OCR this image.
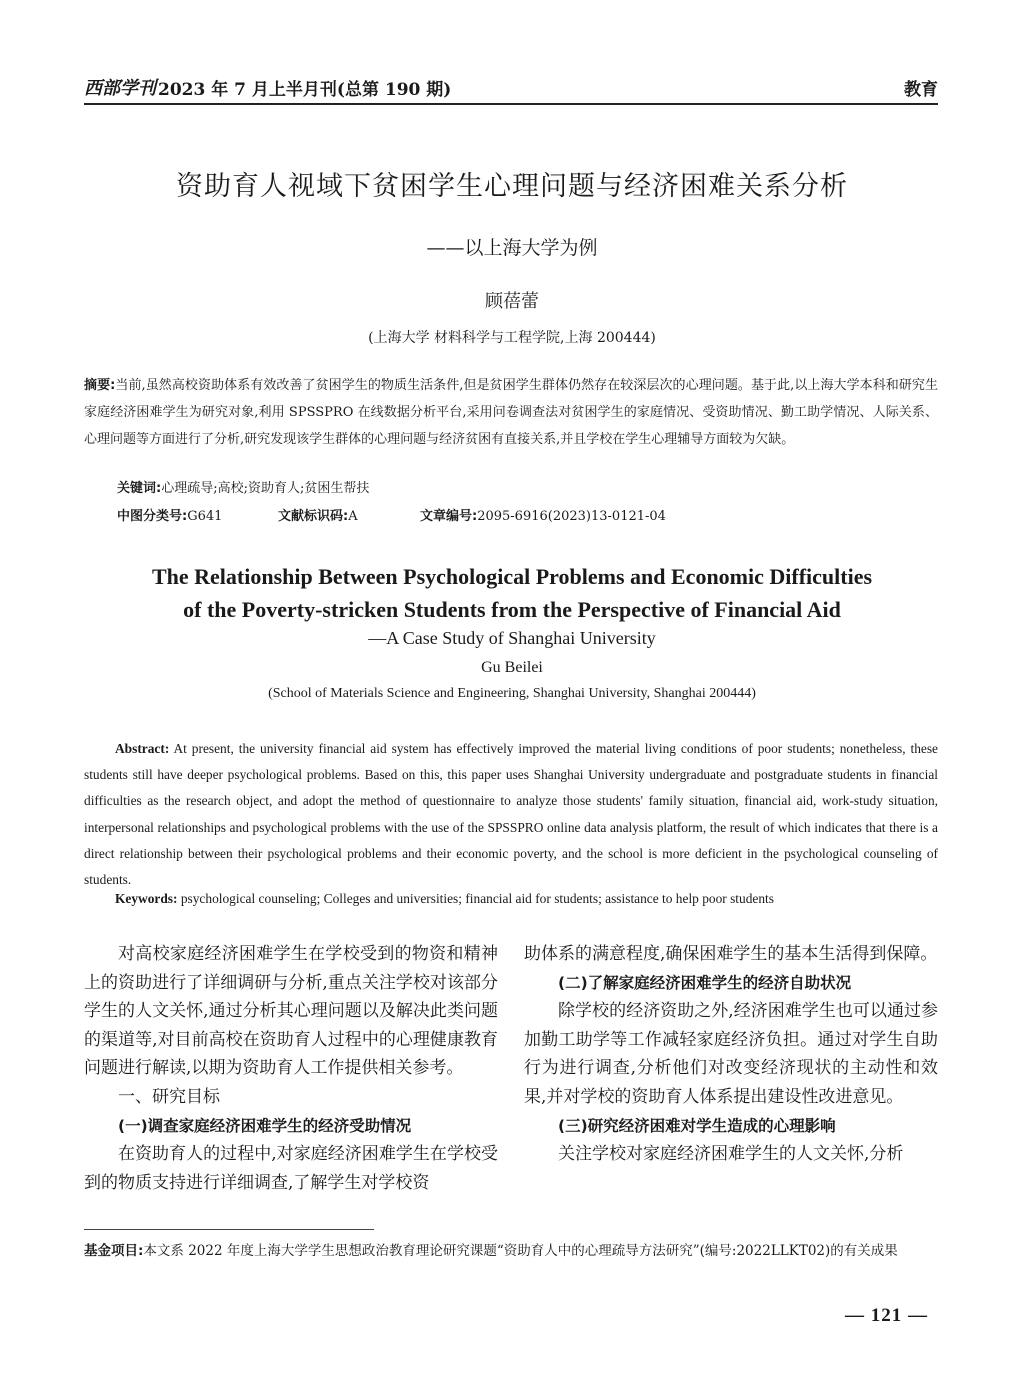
西部学刊 2023 年 7 月上半月刊(总第 190 期)	教育
资助育人视域下贫困学生心理问题与经济困难关系分析
——以上海大学为例
顾蓓蕾
(上海大学 材料科学与工程学院,上海 200444)
摘要:当前,虽然高校资助体系有效改善了贫困学生的物质生活条件,但是贫困学生群体仍然存在较深层次的心理问题。基于此,以上海大学本科和研究生家庭经济困难学生为研究对象,利用 SPSSPRO 在线数据分析平台,采用问卷调查法对贫困学生的家庭情况、受资助情况、勤工助学情况、人际关系、心理问题等方面进行了分析,研究发现该学生群体的心理问题与经济贫困有直接关系,并且学校在学生心理辅导方面较为欠缺。
关键词:心理疏导;高校;资助育人;贫困生帮扶
中图分类号:G641	文献标识码:A	文章编号:2095-6916(2023)13-0121-04
The Relationship Between Psychological Problems and Economic Difficulties
of the Poverty-stricken Students from the Perspective of Financial Aid
—A Case Study of Shanghai University
Gu Beilei
(School of Materials Science and Engineering, Shanghai University, Shanghai 200444)
Abstract: At present, the university financial aid system has effectively improved the material living conditions of poor students; nonetheless, these students still have deeper psychological problems. Based on this, this paper uses Shanghai University undergraduate and postgraduate students in financial difficulties as the research object, and adopt the method of questionnaire to analyze those students' family situation, financial aid, work-study situation, interpersonal relationships and psychological problems with the use of the SPSSPRO online data analysis platform, the result of which indicates that there is a direct relationship between their psychological problems and their economic poverty, and the school is more deficient in the psychological counseling of students.
Keywords: psychological counseling; Colleges and universities; financial aid for students; assistance to help poor students

对高校家庭经济困难学生在学校受到的物资和精神上的资助进行了详细调研与分析,重点关注学校对该部分学生的人文关怀,通过分析其心理问题以及解决此类问题的渠道等,对目前高校在资助育人过程中的心理健康教育问题进行解读,以期为资助育人工作提供相关参考。

一、研究目标

(一)调查家庭经济困难学生的经济受助情况

在资助育人的过程中,对家庭经济困难学生在学校受到的物质支持进行详细调查,了解学生对学校资

助体系的满意程度,确保困难学生的基本生活得到保障。

(二)了解家庭经济困难学生的经济自助状况

除学校的经济资助之外,经济困难学生也可以通过参加勤工助学等工作减轻家庭经济负担。通过对学生自助行为进行调查,分析他们对改变经济现状的主动性和效果,并对学校的资助育人体系提出建设性改进意见。

(三)研究经济困难对学生造成的心理影响

关注学校对家庭经济困难学生的人文关怀,分析

基金项目:本文系 2022 年度上海大学学生思想政治教育理论研究课题“资助育人中的心理疏导方法研究”(编号:2022LLKT02)的有关成果
— 121 —
